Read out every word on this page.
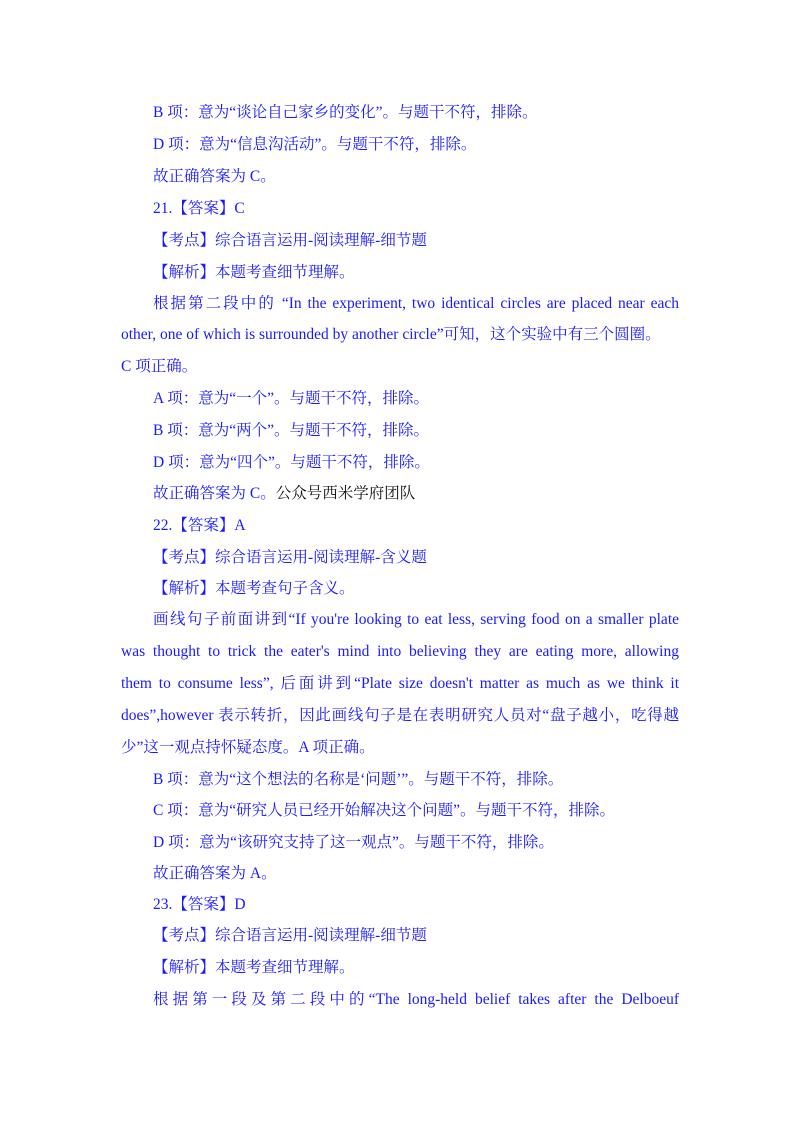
B 项：意为“谈论自己家乡的变化”。与题干不符，排除。
D 项：意为“信息沟活动”。与题干不符，排除。
故正确答案为 C。
21.【答案】C
【考点】综合语言运用-阅读理解-细节题
【解析】本题考查细节理解。
根据第二段中的 “In the experiment, two identical circles are placed near each
other, one of which is surrounded by another circle”可知，这个实验中有三个圆圈。
C 项正确。
A 项：意为“一个”。与题干不符，排除。
B 项：意为“两个”。与题干不符，排除。
D 项：意为“四个”。与题干不符，排除。
故正确答案为 C。公众号西米学府团队
22.【答案】A
【考点】综合语言运用-阅读理解-含义题
【解析】本题考查句子含义。
画线句子前面讲到“If you're looking to eat less, serving food on a smaller plate
was thought to trick the eater's mind into believing they are eating more, allowing
them to consume less”, 后面讲到“Plate size doesn't matter as much as we think it
does”,however 表示转折，因此画线句子是在表明研究人员对“盘子越小，吃得越
少”这一观点持怀疑态度。A 项正确。
B 项：意为“这个想法的名称是‘问题’”。与题干不符，排除。
C 项：意为“研究人员已经开始解决这个问题”。与题干不符，排除。
D 项：意为“该研究支持了这一观点”。与题干不符，排除。
故正确答案为 A。
23.【答案】D
【考点】综合语言运用-阅读理解-细节题
【解析】本题考查细节理解。
根据第一段及第二段中的“The long-held belief takes after the Delboeuf
